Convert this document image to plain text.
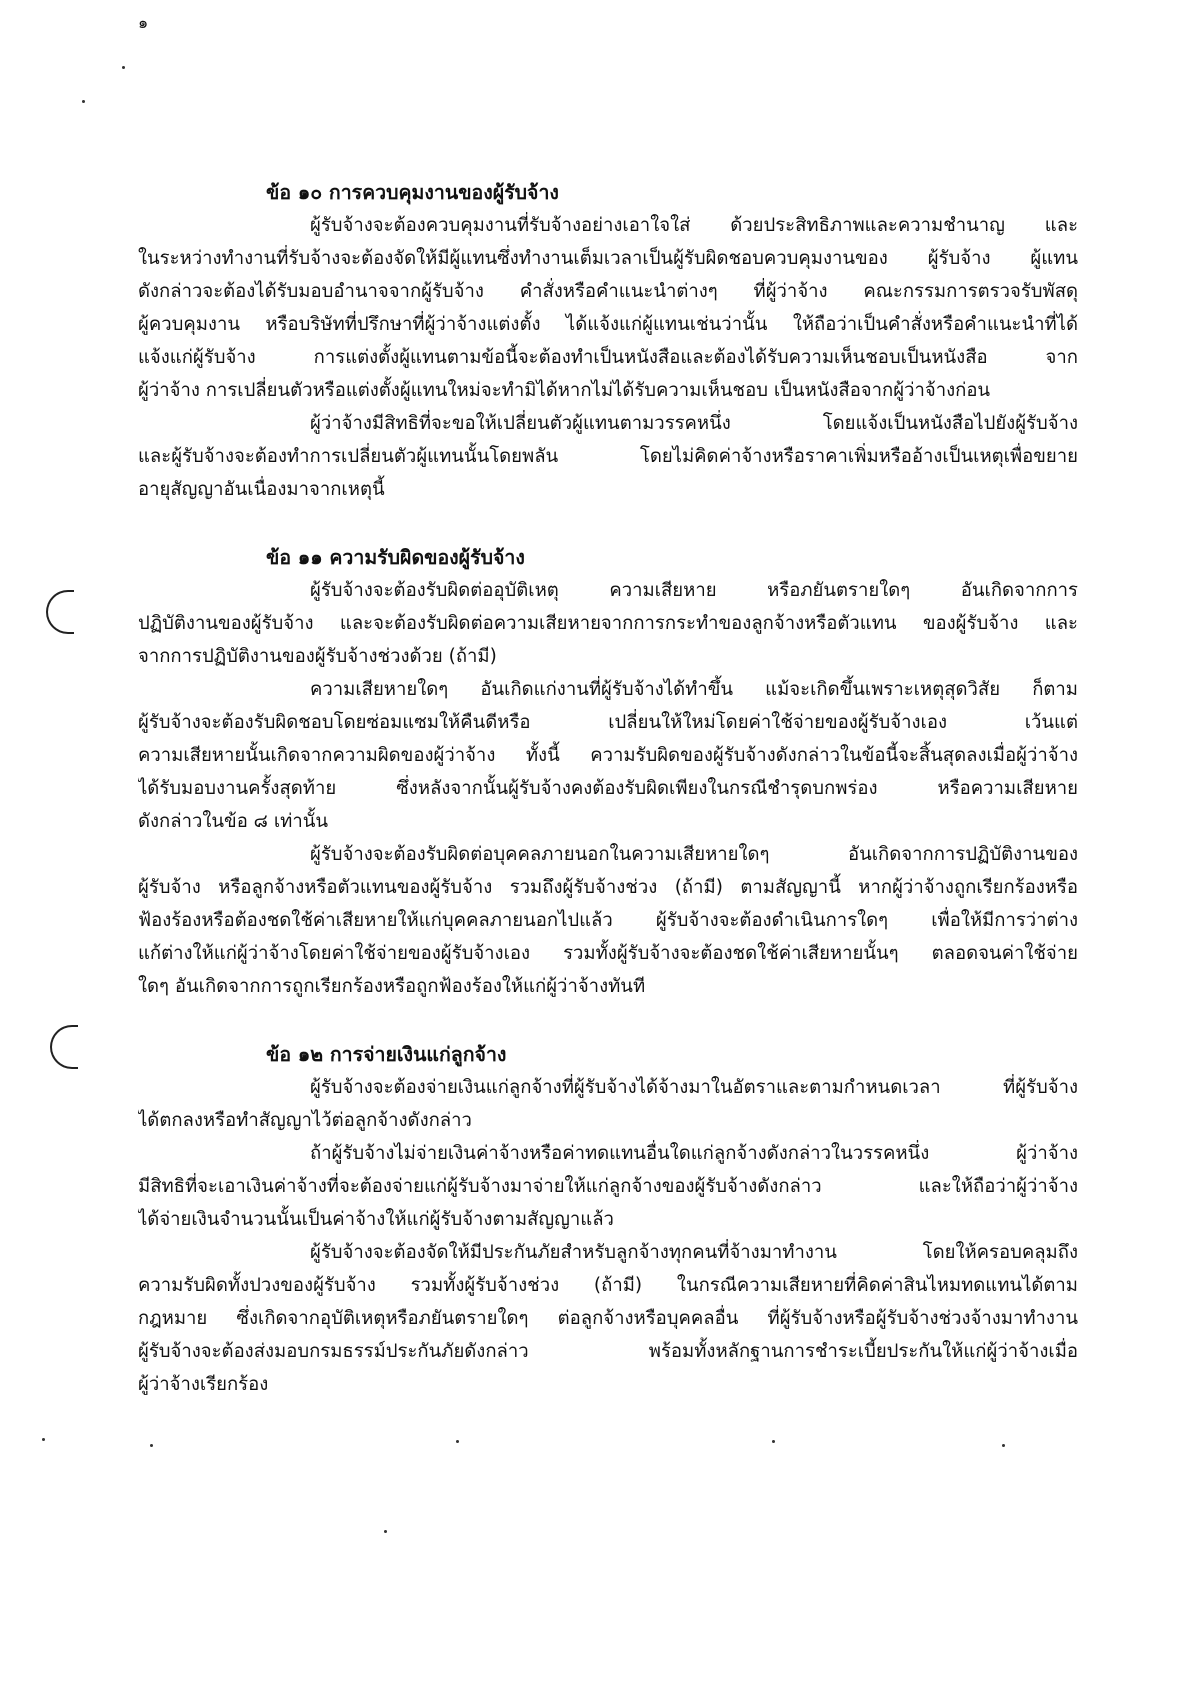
๑

ข้อ ๑๐ การควบคุมงานของผู้รับจ้าง

ผู้รับจ้างจะต้องควบคุมงานที่รับจ้างอย่างเอาใจใส่ ด้วยประสิทธิภาพและความชำนาญ และ
ในระหว่างทำงานที่รับจ้างจะต้องจัดให้มีผู้แทนซึ่งทำงานเต็มเวลาเป็นผู้รับผิดชอบควบคุมงานของ ผู้รับจ้าง ผู้แทน
ดังกล่าวจะต้องได้รับมอบอำนาจจากผู้รับจ้าง คำสั่งหรือคำแนะนำต่างๆ ที่ผู้ว่าจ้าง คณะกรรมการตรวจรับพัสดุ
ผู้ควบคุมงาน หรือบริษัทที่ปรึกษาที่ผู้ว่าจ้างแต่งตั้ง ได้แจ้งแก่ผู้แทนเช่นว่านั้น ให้ถือว่าเป็นคำสั่งหรือคำแนะนำที่ได้
แจ้งแก่ผู้รับจ้าง การแต่งตั้งผู้แทนตามข้อนี้จะต้องทำเป็นหนังสือและต้องได้รับความเห็นชอบเป็นหนังสือ จาก
ผู้ว่าจ้าง การเปลี่ยนตัวหรือแต่งตั้งผู้แทนใหม่จะทำมิได้หากไม่ได้รับความเห็นชอบ เป็นหนังสือจากผู้ว่าจ้างก่อน

ผู้ว่าจ้างมีสิทธิที่จะขอให้เปลี่ยนตัวผู้แทนตามวรรคหนึ่ง โดยแจ้งเป็นหนังสือไปยังผู้รับจ้าง
และผู้รับจ้างจะต้องทำการเปลี่ยนตัวผู้แทนนั้นโดยพลัน โดยไม่คิดค่าจ้างหรือราคาเพิ่มหรืออ้างเป็นเหตุเพื่อขยาย
อายุสัญญาอันเนื่องมาจากเหตุนี้

ข้อ ๑๑ ความรับผิดของผู้รับจ้าง

ผู้รับจ้างจะต้องรับผิดต่ออุบัติเหตุ ความเสียหาย หรือภยันตรายใดๆ อันเกิดจากการ
ปฏิบัติงานของผู้รับจ้าง และจะต้องรับผิดต่อความเสียหายจากการกระทำของลูกจ้างหรือตัวแทน ของผู้รับจ้าง และ
จากการปฏิบัติงานของผู้รับจ้างช่วงด้วย (ถ้ามี)

ความเสียหายใดๆ อันเกิดแก่งานที่ผู้รับจ้างได้ทำขึ้น แม้จะเกิดขึ้นเพราะเหตุสุดวิสัย ก็ตาม
ผู้รับจ้างจะต้องรับผิดชอบโดยซ่อมแซมให้คืนดีหรือ เปลี่ยนให้ใหม่โดยค่าใช้จ่ายของผู้รับจ้างเอง เว้นแต่
ความเสียหายนั้นเกิดจากความผิดของผู้ว่าจ้าง ทั้งนี้ ความรับผิดของผู้รับจ้างดังกล่าวในข้อนี้จะสิ้นสุดลงเมื่อผู้ว่าจ้าง
ได้รับมอบงานครั้งสุดท้าย ซึ่งหลังจากนั้นผู้รับจ้างคงต้องรับผิดเพียงในกรณีชำรุดบกพร่อง หรือความเสียหาย
ดังกล่าวในข้อ ๘ เท่านั้น

ผู้รับจ้างจะต้องรับผิดต่อบุคคลภายนอกในความเสียหายใดๆ อันเกิดจากการปฏิบัติงานของ
ผู้รับจ้าง หรือลูกจ้างหรือตัวแทนของผู้รับจ้าง รวมถึงผู้รับจ้างช่วง (ถ้ามี) ตามสัญญานี้ หากผู้ว่าจ้างถูกเรียกร้องหรือ
ฟ้องร้องหรือต้องชดใช้ค่าเสียหายให้แก่บุคคลภายนอกไปแล้ว ผู้รับจ้างจะต้องดำเนินการใดๆ เพื่อให้มีการว่าต่าง
แก้ต่างให้แก่ผู้ว่าจ้างโดยค่าใช้จ่ายของผู้รับจ้างเอง รวมทั้งผู้รับจ้างจะต้องชดใช้ค่าเสียหายนั้นๆ ตลอดจนค่าใช้จ่าย
ใดๆ อันเกิดจากการถูกเรียกร้องหรือถูกฟ้องร้องให้แก่ผู้ว่าจ้างทันที

ข้อ ๑๒ การจ่ายเงินแก่ลูกจ้าง

ผู้รับจ้างจะต้องจ่ายเงินแก่ลูกจ้างที่ผู้รับจ้างได้จ้างมาในอัตราและตามกำหนดเวลา ที่ผู้รับจ้าง
ได้ตกลงหรือทำสัญญาไว้ต่อลูกจ้างดังกล่าว

ถ้าผู้รับจ้างไม่จ่ายเงินค่าจ้างหรือค่าทดแทนอื่นใดแก่ลูกจ้างดังกล่าวในวรรคหนึ่ง ผู้ว่าจ้าง
มีสิทธิที่จะเอาเงินค่าจ้างที่จะต้องจ่ายแก่ผู้รับจ้างมาจ่ายให้แก่ลูกจ้างของผู้รับจ้างดังกล่าว และให้ถือว่าผู้ว่าจ้าง
ได้จ่ายเงินจำนวนนั้นเป็นค่าจ้างให้แก่ผู้รับจ้างตามสัญญาแล้ว

ผู้รับจ้างจะต้องจัดให้มีประกันภัยสำหรับลูกจ้างทุกคนที่จ้างมาทำงาน โดยให้ครอบคลุมถึง
ความรับผิดทั้งปวงของผู้รับจ้าง รวมทั้งผู้รับจ้างช่วง (ถ้ามี) ในกรณีความเสียหายที่คิดค่าสินไหมทดแทนได้ตาม
กฎหมาย ซึ่งเกิดจากอุบัติเหตุหรือภยันตรายใดๆ ต่อลูกจ้างหรือบุคคลอื่น ที่ผู้รับจ้างหรือผู้รับจ้างช่วงจ้างมาทำงาน
ผู้รับจ้างจะต้องส่งมอบกรมธรรม์ประกันภัยดังกล่าว พร้อมทั้งหลักฐานการชำระเบี้ยประกันให้แก่ผู้ว่าจ้างเมื่อ
ผู้ว่าจ้างเรียกร้อง
